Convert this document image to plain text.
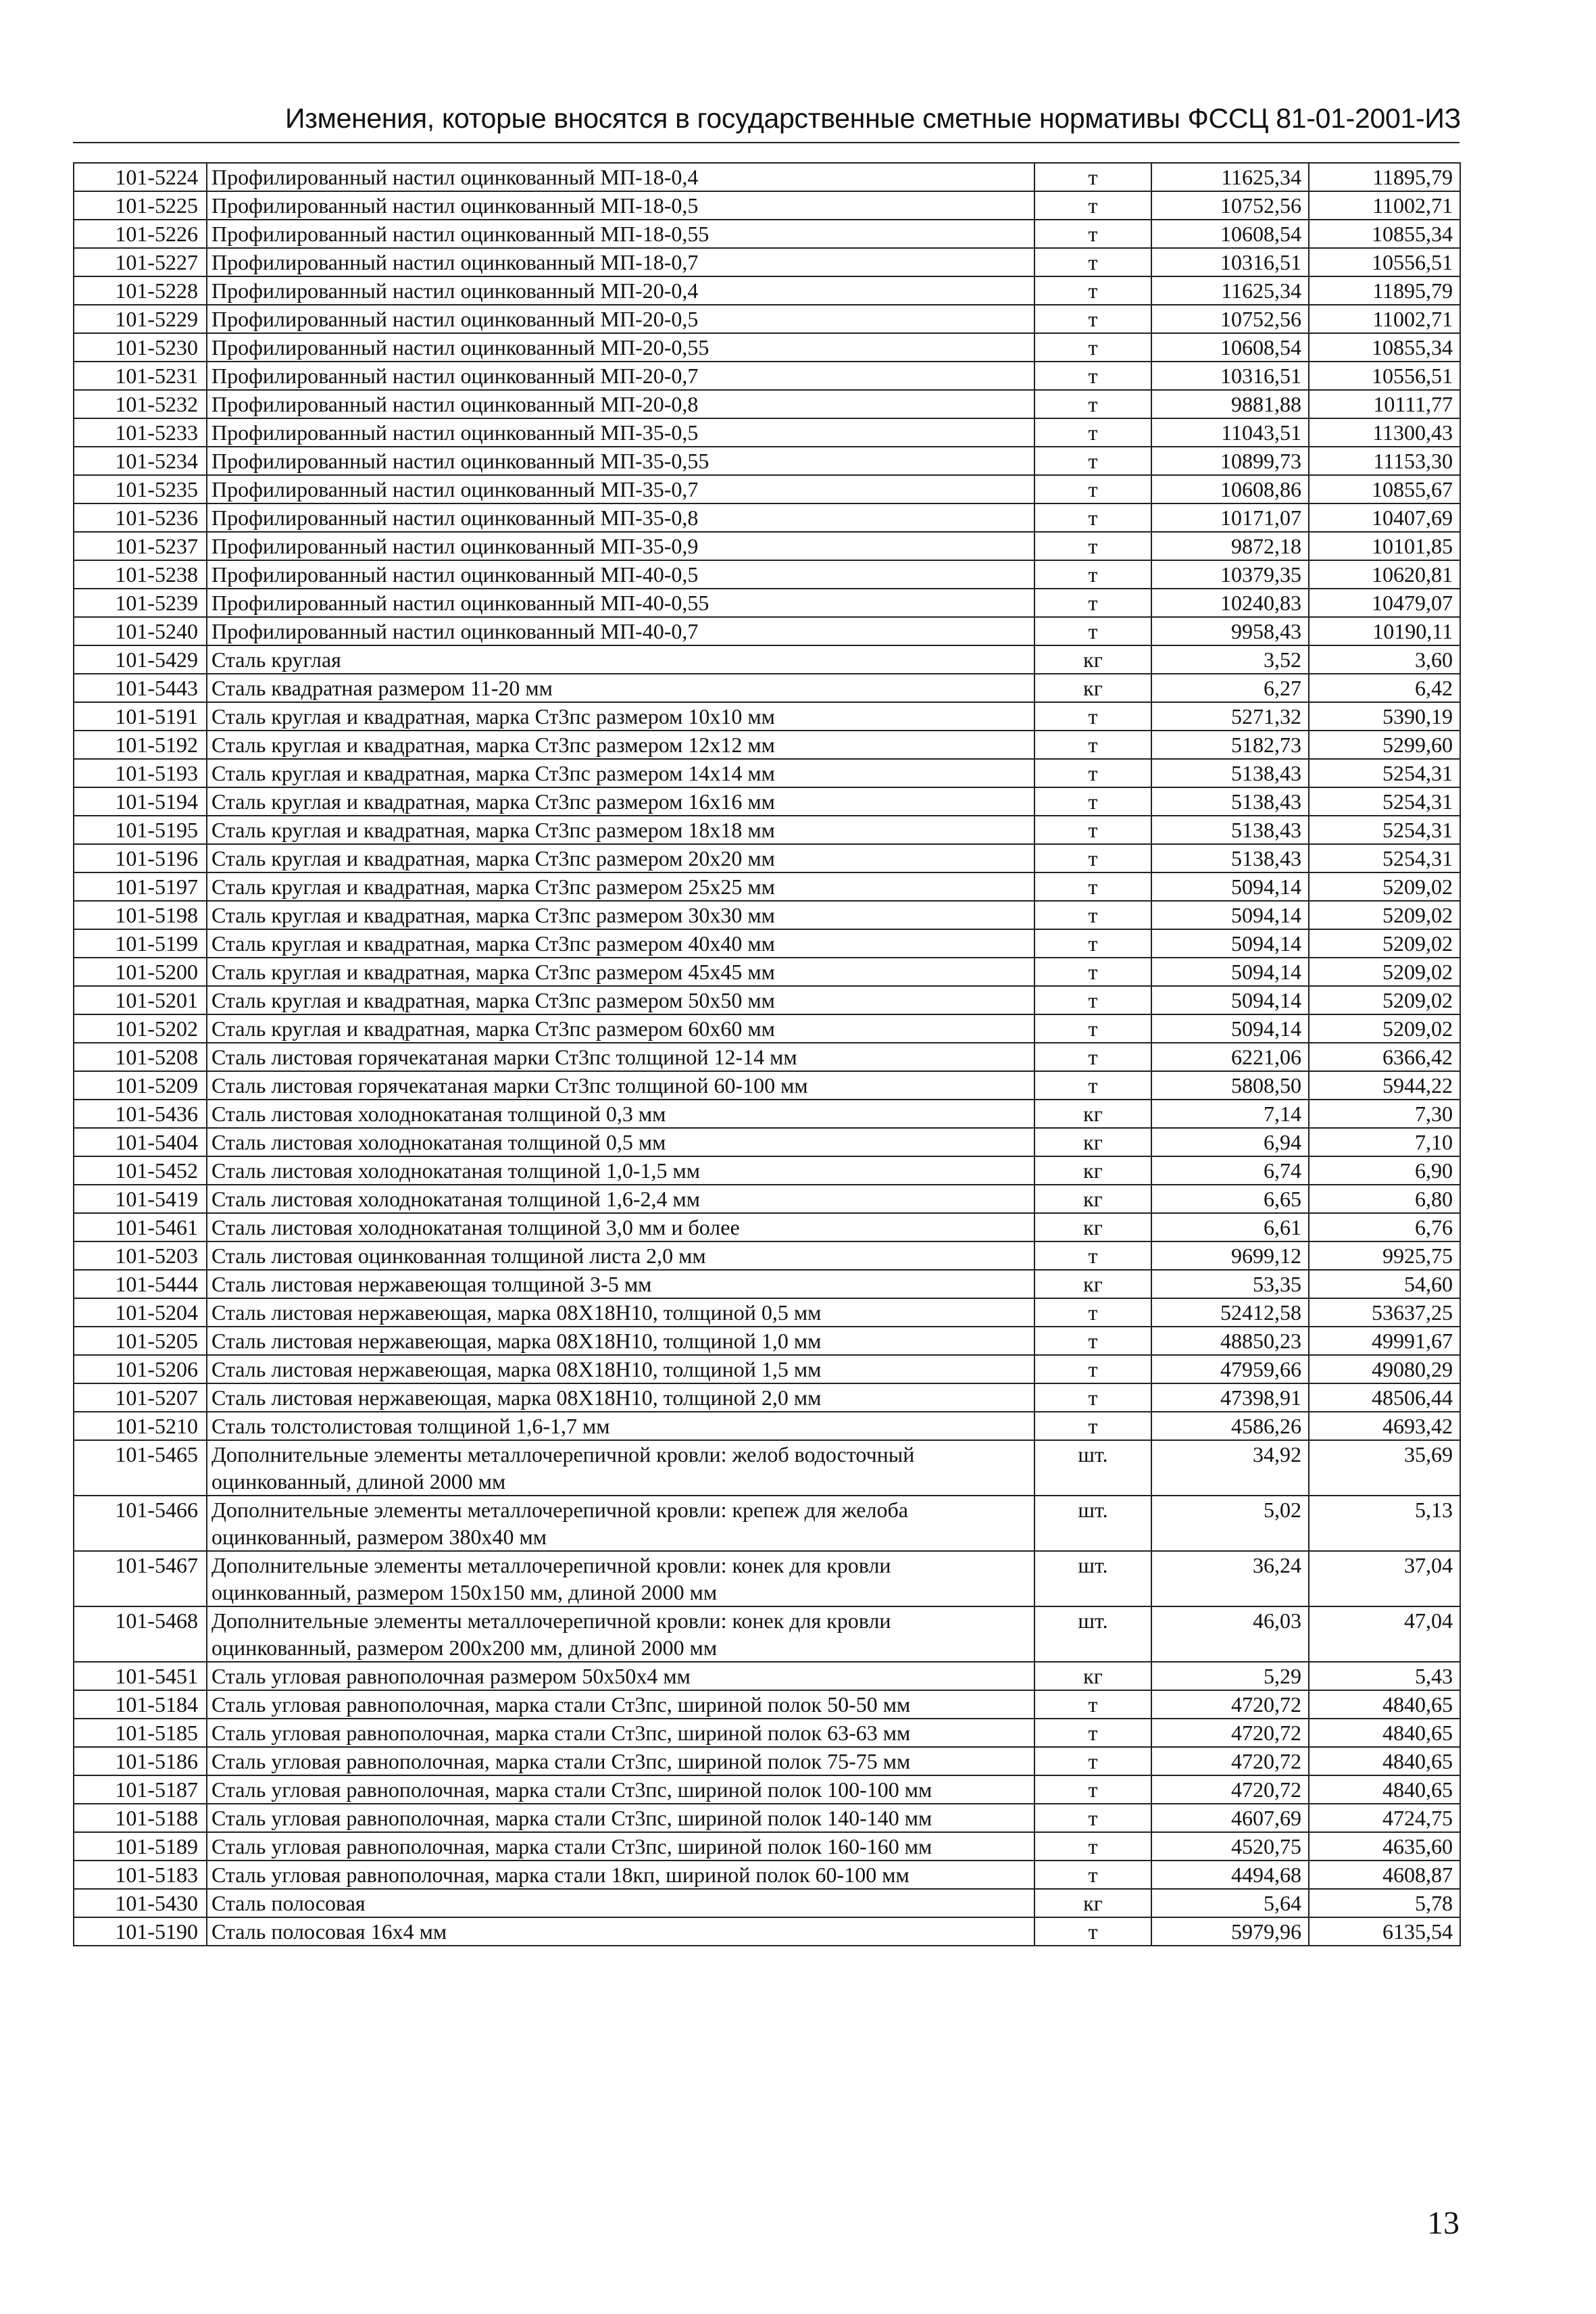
Изменения, которые вносятся в государственные сметные нормативы ФССЦ 81-01-2001-ИЗ
101-5224	Профилированный настил оцинкованный МП-18-0,4	т	11625,34	11895,79
101-5225	Профилированный настил оцинкованный МП-18-0,5	т	10752,56	11002,71
101-5226	Профилированный настил оцинкованный МП-18-0,55	т	10608,54	10855,34
101-5227	Профилированный настил оцинкованный МП-18-0,7	т	10316,51	10556,51
101-5228	Профилированный настил оцинкованный МП-20-0,4	т	11625,34	11895,79
101-5229	Профилированный настил оцинкованный МП-20-0,5	т	10752,56	11002,71
101-5230	Профилированный настил оцинкованный МП-20-0,55	т	10608,54	10855,34
101-5231	Профилированный настил оцинкованный МП-20-0,7	т	10316,51	10556,51
101-5232	Профилированный настил оцинкованный МП-20-0,8	т	9881,88	10111,77
101-5233	Профилированный настил оцинкованный МП-35-0,5	т	11043,51	11300,43
101-5234	Профилированный настил оцинкованный МП-35-0,55	т	10899,73	11153,30
101-5235	Профилированный настил оцинкованный МП-35-0,7	т	10608,86	10855,67
101-5236	Профилированный настил оцинкованный МП-35-0,8	т	10171,07	10407,69
101-5237	Профилированный настил оцинкованный МП-35-0,9	т	9872,18	10101,85
101-5238	Профилированный настил оцинкованный МП-40-0,5	т	10379,35	10620,81
101-5239	Профилированный настил оцинкованный МП-40-0,55	т	10240,83	10479,07
101-5240	Профилированный настил оцинкованный МП-40-0,7	т	9958,43	10190,11
101-5429	Сталь круглая	кг	3,52	3,60
101-5443	Сталь квадратная размером 11-20 мм	кг	6,27	6,42
101-5191	Сталь круглая и квадратная, марка Ст3пс размером 10х10 мм	т	5271,32	5390,19
101-5192	Сталь круглая и квадратная, марка Ст3пс размером 12х12 мм	т	5182,73	5299,60
101-5193	Сталь круглая и квадратная, марка Ст3пс размером 14х14 мм	т	5138,43	5254,31
101-5194	Сталь круглая и квадратная, марка Ст3пс размером 16х16 мм	т	5138,43	5254,31
101-5195	Сталь круглая и квадратная, марка Ст3пс размером 18х18 мм	т	5138,43	5254,31
101-5196	Сталь круглая и квадратная, марка Ст3пс размером 20х20 мм	т	5138,43	5254,31
101-5197	Сталь круглая и квадратная, марка Ст3пс размером 25х25 мм	т	5094,14	5209,02
101-5198	Сталь круглая и квадратная, марка Ст3пс размером 30х30 мм	т	5094,14	5209,02
101-5199	Сталь круглая и квадратная, марка Ст3пс размером 40х40 мм	т	5094,14	5209,02
101-5200	Сталь круглая и квадратная, марка Ст3пс размером 45х45 мм	т	5094,14	5209,02
101-5201	Сталь круглая и квадратная, марка Ст3пс размером 50х50 мм	т	5094,14	5209,02
101-5202	Сталь круглая и квадратная, марка Ст3пс размером 60х60 мм	т	5094,14	5209,02
101-5208	Сталь листовая горячекатаная марки Ст3пс толщиной 12-14 мм	т	6221,06	6366,42
101-5209	Сталь листовая горячекатаная марки Ст3пс толщиной 60-100 мм	т	5808,50	5944,22
101-5436	Сталь листовая холоднокатаная толщиной 0,3 мм	кг	7,14	7,30
101-5404	Сталь листовая холоднокатаная толщиной 0,5 мм	кг	6,94	7,10
101-5452	Сталь листовая холоднокатаная толщиной 1,0-1,5 мм	кг	6,74	6,90
101-5419	Сталь листовая холоднокатаная толщиной 1,6-2,4 мм	кг	6,65	6,80
101-5461	Сталь листовая холоднокатаная толщиной 3,0 мм и более	кг	6,61	6,76
101-5203	Сталь листовая оцинкованная толщиной листа 2,0 мм	т	9699,12	9925,75
101-5444	Сталь листовая нержавеющая толщиной 3-5 мм	кг	53,35	54,60
101-5204	Сталь листовая нержавеющая, марка 08Х18Н10, толщиной 0,5 мм	т	52412,58	53637,25
101-5205	Сталь листовая нержавеющая, марка 08Х18Н10, толщиной 1,0 мм	т	48850,23	49991,67
101-5206	Сталь листовая нержавеющая, марка 08Х18Н10, толщиной 1,5 мм	т	47959,66	49080,29
101-5207	Сталь листовая нержавеющая, марка 08Х18Н10, толщиной 2,0 мм	т	47398,91	48506,44
101-5210	Сталь толстолистовая толщиной 1,6-1,7 мм	т	4586,26	4693,42
101-5465	Дополнительные элементы металлочерепичной кровли: желоб водосточный оцинкованный, длиной 2000 мм	шт.	34,92	35,69
101-5466	Дополнительные элементы металлочерепичной кровли: крепеж для желоба оцинкованный, размером 380х40 мм	шт.	5,02	5,13
101-5467	Дополнительные элементы металлочерепичной кровли: конек для кровли оцинкованный, размером 150х150 мм, длиной 2000 мм	шт.	36,24	37,04
101-5468	Дополнительные элементы металлочерепичной кровли: конек для кровли оцинкованный, размером 200х200 мм, длиной 2000 мм	шт.	46,03	47,04
101-5451	Сталь угловая равнополочная размером 50х50х4 мм	кг	5,29	5,43
101-5184	Сталь угловая равнополочная, марка стали Ст3пс, шириной полок 50-50 мм	т	4720,72	4840,65
101-5185	Сталь угловая равнополочная, марка стали Ст3пс, шириной полок 63-63 мм	т	4720,72	4840,65
101-5186	Сталь угловая равнополочная, марка стали Ст3пс, шириной полок 75-75 мм	т	4720,72	4840,65
101-5187	Сталь угловая равнополочная, марка стали Ст3пс, шириной полок 100-100 мм	т	4720,72	4840,65
101-5188	Сталь угловая равнополочная, марка стали Ст3пс, шириной полок 140-140 мм	т	4607,69	4724,75
101-5189	Сталь угловая равнополочная, марка стали Ст3пс, шириной полок 160-160 мм	т	4520,75	4635,60
101-5183	Сталь угловая равнополочная, марка стали 18кп, шириной полок 60-100 мм	т	4494,68	4608,87
101-5430	Сталь полосовая	кг	5,64	5,78
101-5190	Сталь полосовая 16х4 мм	т	5979,96	6135,54
13
